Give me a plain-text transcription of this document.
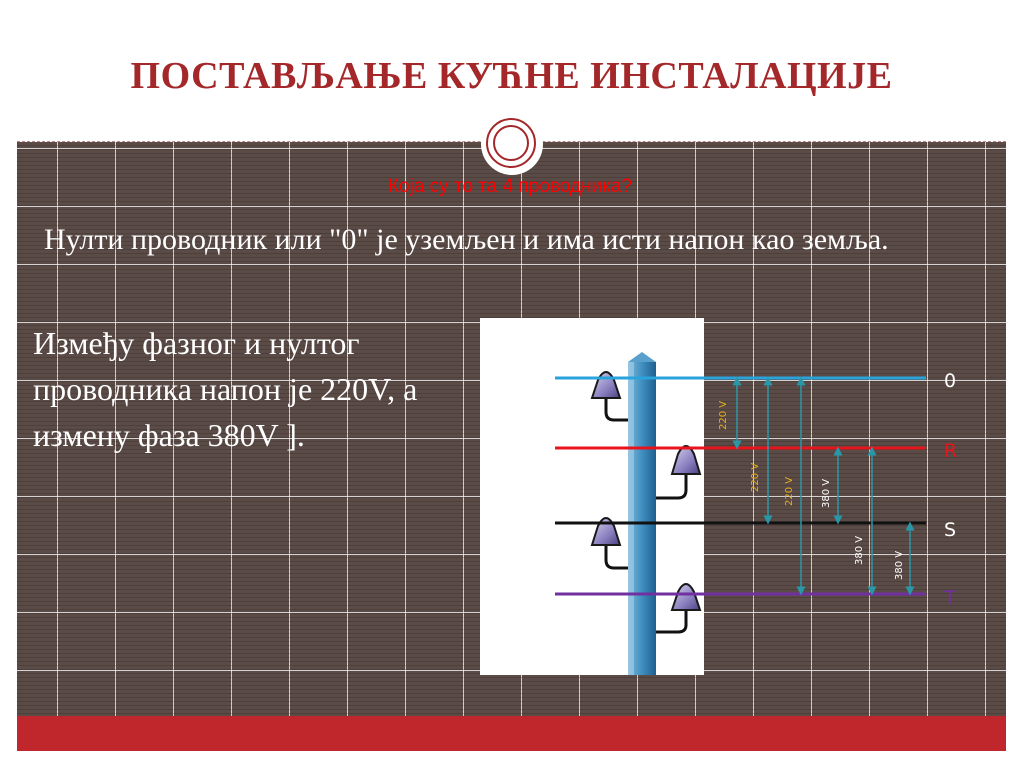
ПОСТАВЉАЊЕ КУЋНЕ ИНСТАЛАЦИЈЕ
Која су то та 4 проводника?
Нулти проводник или "0" је уземљен и има исти напон као земља.
Између фазног и нултог проводника напон је 220V, а измену фаза 380V ].
0
R
S
T
220 V
220 V 220 V	380 V
380 V
380 V
